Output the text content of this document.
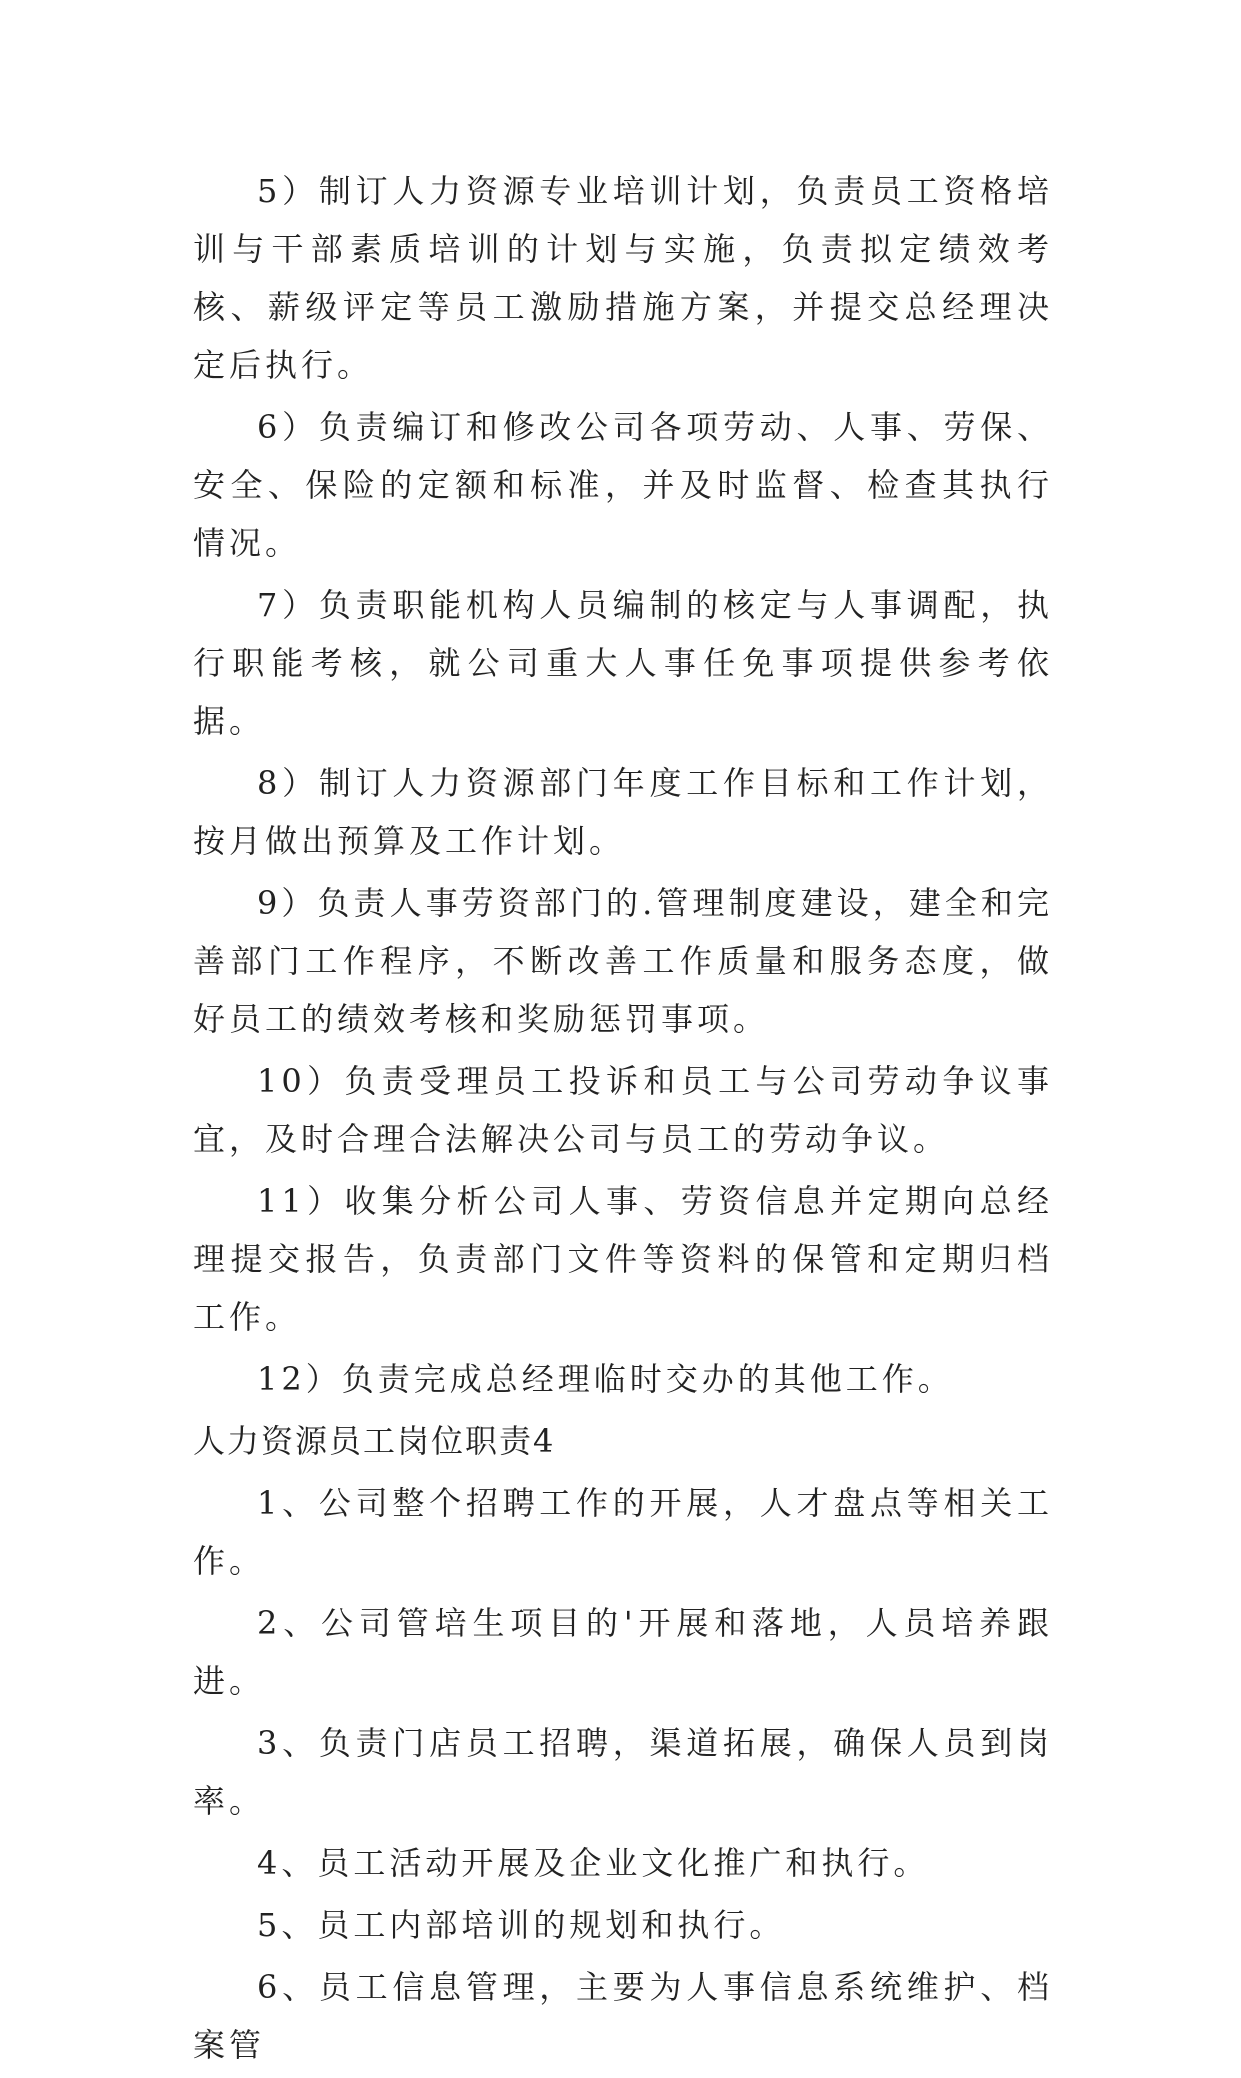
5）制订人力资源专业培训计划，负责员工资格培训与干部素质培训的计划与实施，负责拟定绩效考核、薪级评定等员工激励措施方案，并提交总经理决定后执行。

6）负责编订和修改公司各项劳动、人事、劳保、安全、保险的定额和标准，并及时监督、检查其执行情况。

7）负责职能机构人员编制的核定与人事调配，执行职能考核，就公司重大人事任免事项提供参考依据。

8）制订人力资源部门年度工作目标和工作计划，按月做出预算及工作计划。

9）负责人事劳资部门的.管理制度建设，建全和完善部门工作程序，不断改善工作质量和服务态度，做好员工的绩效考核和奖励惩罚事项。

10）负责受理员工投诉和员工与公司劳动争议事宜，及时合理合法解决公司与员工的劳动争议。

11）收集分析公司人事、劳资信息并定期向总经理提交报告，负责部门文件等资料的保管和定期归档工作。

12）负责完成总经理临时交办的其他工作。

人力资源员工岗位职责4

1、公司整个招聘工作的开展，人才盘点等相关工作。

2、公司管培生项目的'开展和落地，人员培养跟进。

3、负责门店员工招聘，渠道拓展，确保人员到岗率。

4、员工活动开展及企业文化推广和执行。

5、员工内部培训的规划和执行。

6、员工信息管理，主要为人事信息系统维护、档案管
